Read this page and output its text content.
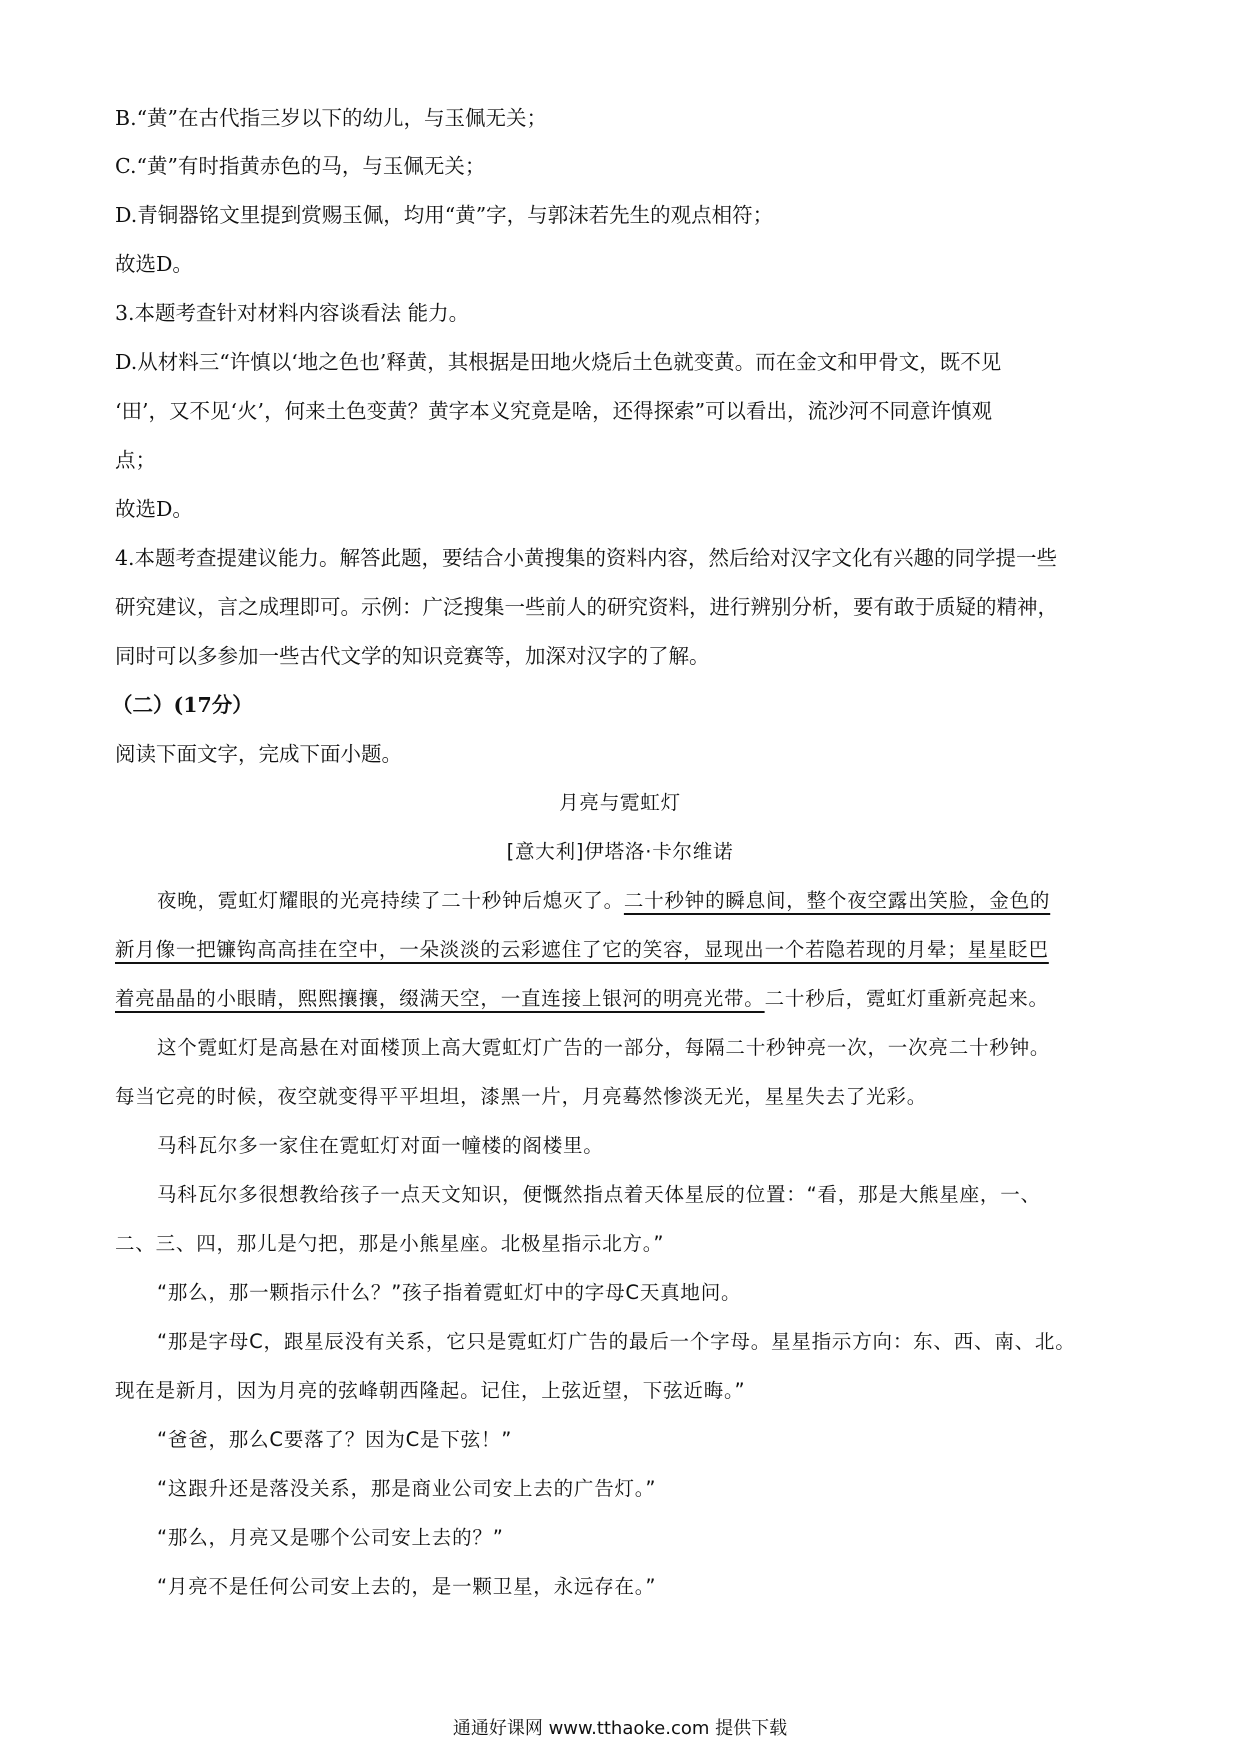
B.“黄”在古代指三岁以下的幼儿，与玉佩无关；
C.“黄”有时指黄赤色的马，与玉佩无关；
D.青铜器铭文里提到赏赐玉佩，均用“黄”字，与郭沫若先生的观点相符；
故选D。
3.本题考查针对材料内容谈看法 能力。
D.从材料三“许慎以‘地之色也’释黄，其根据是田地火烧后土色就变黄。而在金文和甲骨文，既不见
‘田’，又不见‘火’，何来土色变黄？黄字本义究竟是啥，还得探索”可以看出，流沙河不同意许慎观
点；
故选D。
4.本题考查提建议能力。解答此题，要结合小黄搜集的资料内容，然后给对汉字文化有兴趣的同学提一些
研究建议，言之成理即可。示例：广泛搜集一些前人的研究资料，进行辨别分析，要有敢于质疑的精神，
同时可以多参加一些古代文学的知识竞赛等，加深对汉字的了解。
（二）(17分）
阅读下面文字，完成下面小题。
月亮与霓虹灯
[意大利]伊塔洛·卡尔维诺
夜晚，霓虹灯耀眼的光亮持续了二十秒钟后熄灭了。二十秒钟的瞬息间，整个夜空露出笑脸，金色的
新月像一把镰钩高高挂在空中，一朵淡淡的云彩遮住了它的笑容，显现出一个若隐若现的月晕；星星眨巴
着亮晶晶的小眼睛，熙熙攘攘，缀满天空，一直连接上银河的明亮光带。二十秒后，霓虹灯重新亮起来。
这个霓虹灯是高悬在对面楼顶上高大霓虹灯广告的一部分，每隔二十秒钟亮一次，一次亮二十秒钟。
每当它亮的时候，夜空就变得平平坦坦，漆黑一片，月亮蓦然惨淡无光，星星失去了光彩。
马科瓦尔多一家住在霓虹灯对面一幢楼的阁楼里。
马科瓦尔多很想教给孩子一点天文知识，便慨然指点着天体星辰的位置：“看，那是大熊星座，一、
二、三、四，那儿是勺把，那是小熊星座。北极星指示北方。”
“那么，那一颗指示什么？”孩子指着霓虹灯中的字母C天真地问。
“那是字母C，跟星辰没有关系，它只是霓虹灯广告的最后一个字母。星星指示方向：东、西、南、北。
现在是新月，因为月亮的弦峰朝西隆起。记住，上弦近望，下弦近晦。”
“爸爸，那么C要落了？因为C是下弦！”
“这跟升还是落没关系，那是商业公司安上去的广告灯。”
“那么，月亮又是哪个公司安上去的？”
“月亮不是任何公司安上去的，是一颗卫星，永远存在。”
通通好课网 www.tthaoke.com 提供下载
